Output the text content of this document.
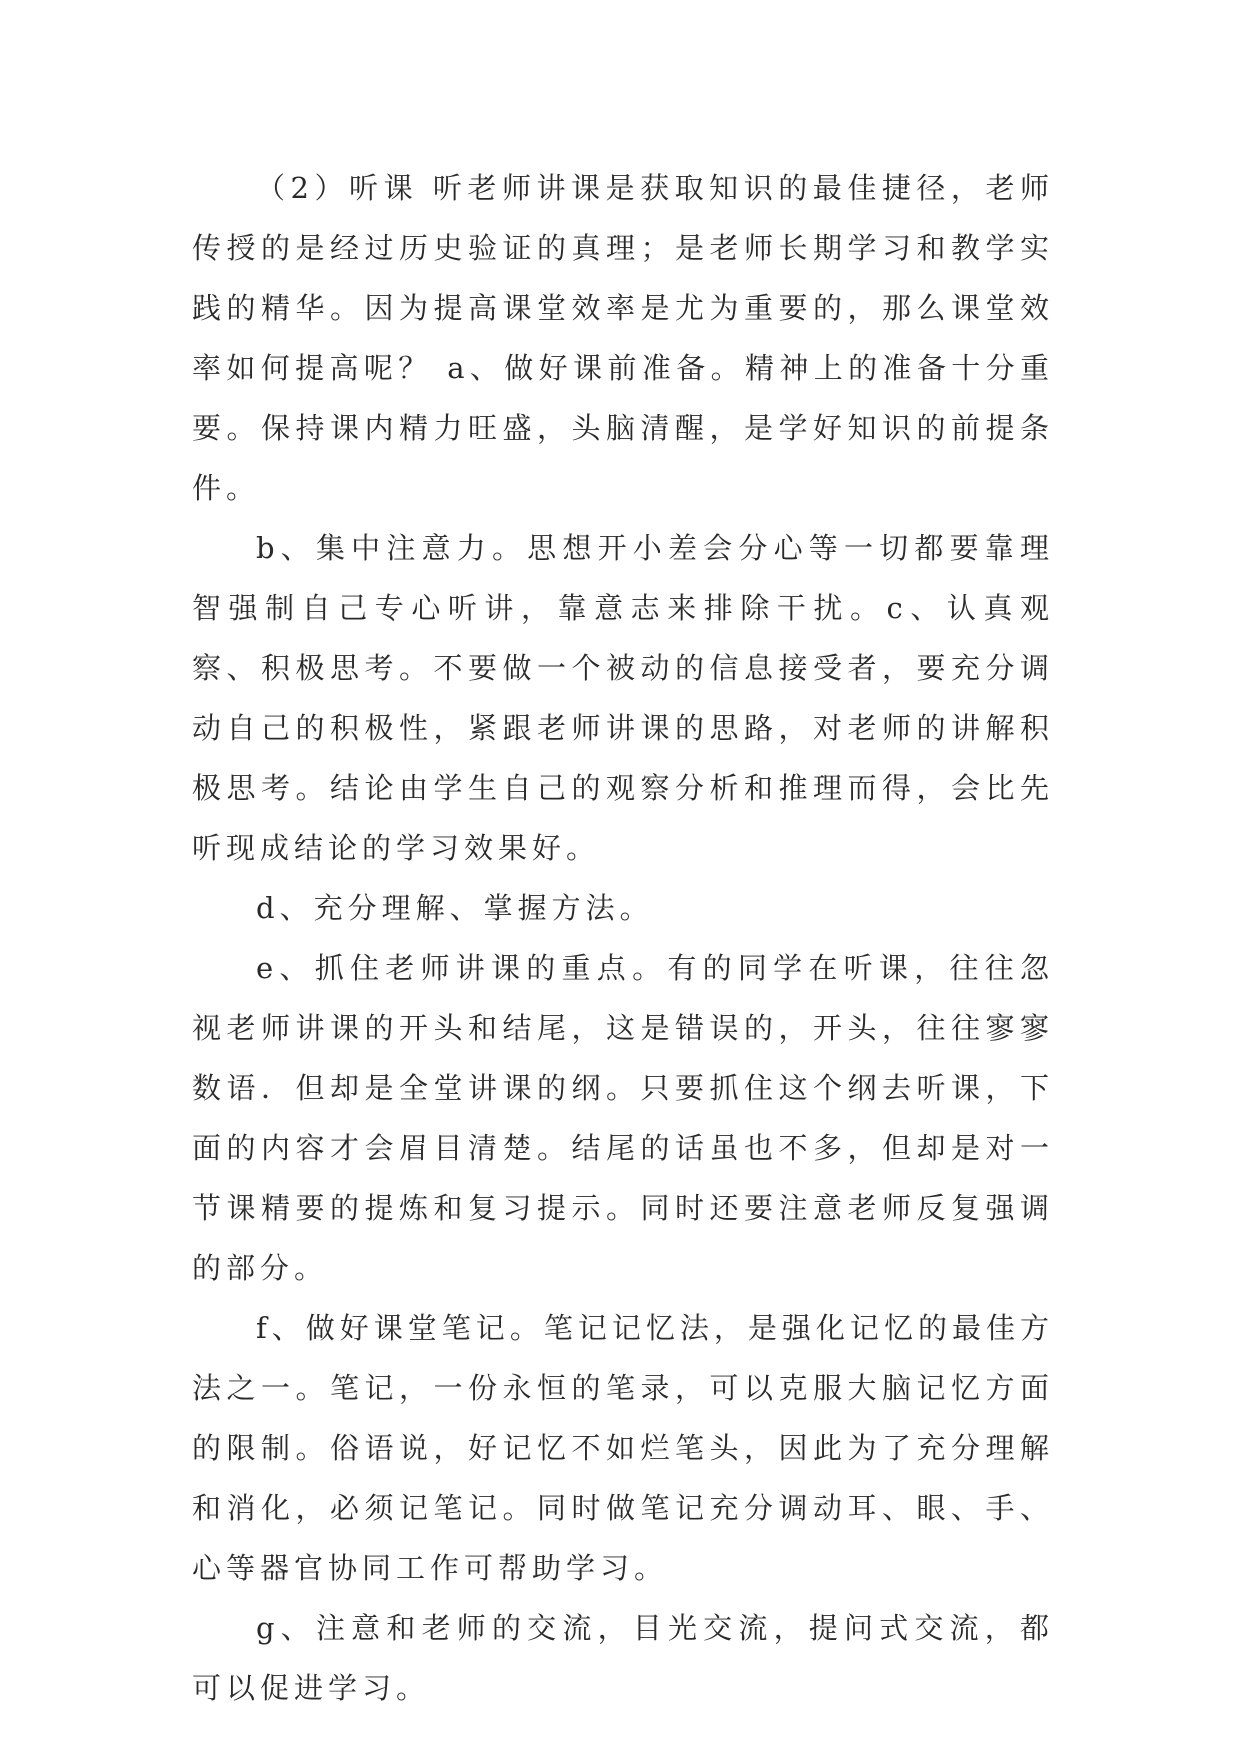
（2）听课 听老师讲课是获取知识的最佳捷径，老师传授的是经过历史验证的真理；是老师长期学习和教学实践的精华。因为提高课堂效率是尤为重要的，那么课堂效率如何提高呢？ a、做好课前准备。精神上的准备十分重要。保持课内精力旺盛，头脑清醒，是学好知识的前提条件。

b、集中注意力。思想开小差会分心等一切都要靠理智强制自己专心听讲，靠意志来排除干扰。c、认真观察、积极思考。不要做一个被动的信息接受者，要充分调动自己的积极性，紧跟老师讲课的思路，对老师的讲解积极思考。结论由学生自己的观察分析和推理而得，会比先听现成结论的学习效果好。

d、充分理解、掌握方法。

e、抓住老师讲课的重点。有的同学在听课，往往忽视老师讲课的开头和结尾，这是错误的，开头，往往寥寥数语．但却是全堂讲课的纲。只要抓住这个纲去听课，下面的内容才会眉目清楚。结尾的话虽也不多，但却是对一 节课精要的提炼和复习提示。同时还要注意老师反复强调的部分。

f、做好课堂笔记。笔记记忆法，是强化记忆的最佳方法之一。笔记，一份永恒的笔录，可以克服大脑记忆方面的限制。俗语说，好记忆不如烂笔头，因此为了充分理解和消化，必须记笔记。同时做笔记充分调动耳、眼、手、心等器官协同工作可帮助学习。

g、注意和老师的交流，目光交流，提问式交流，都可以促进学习。
